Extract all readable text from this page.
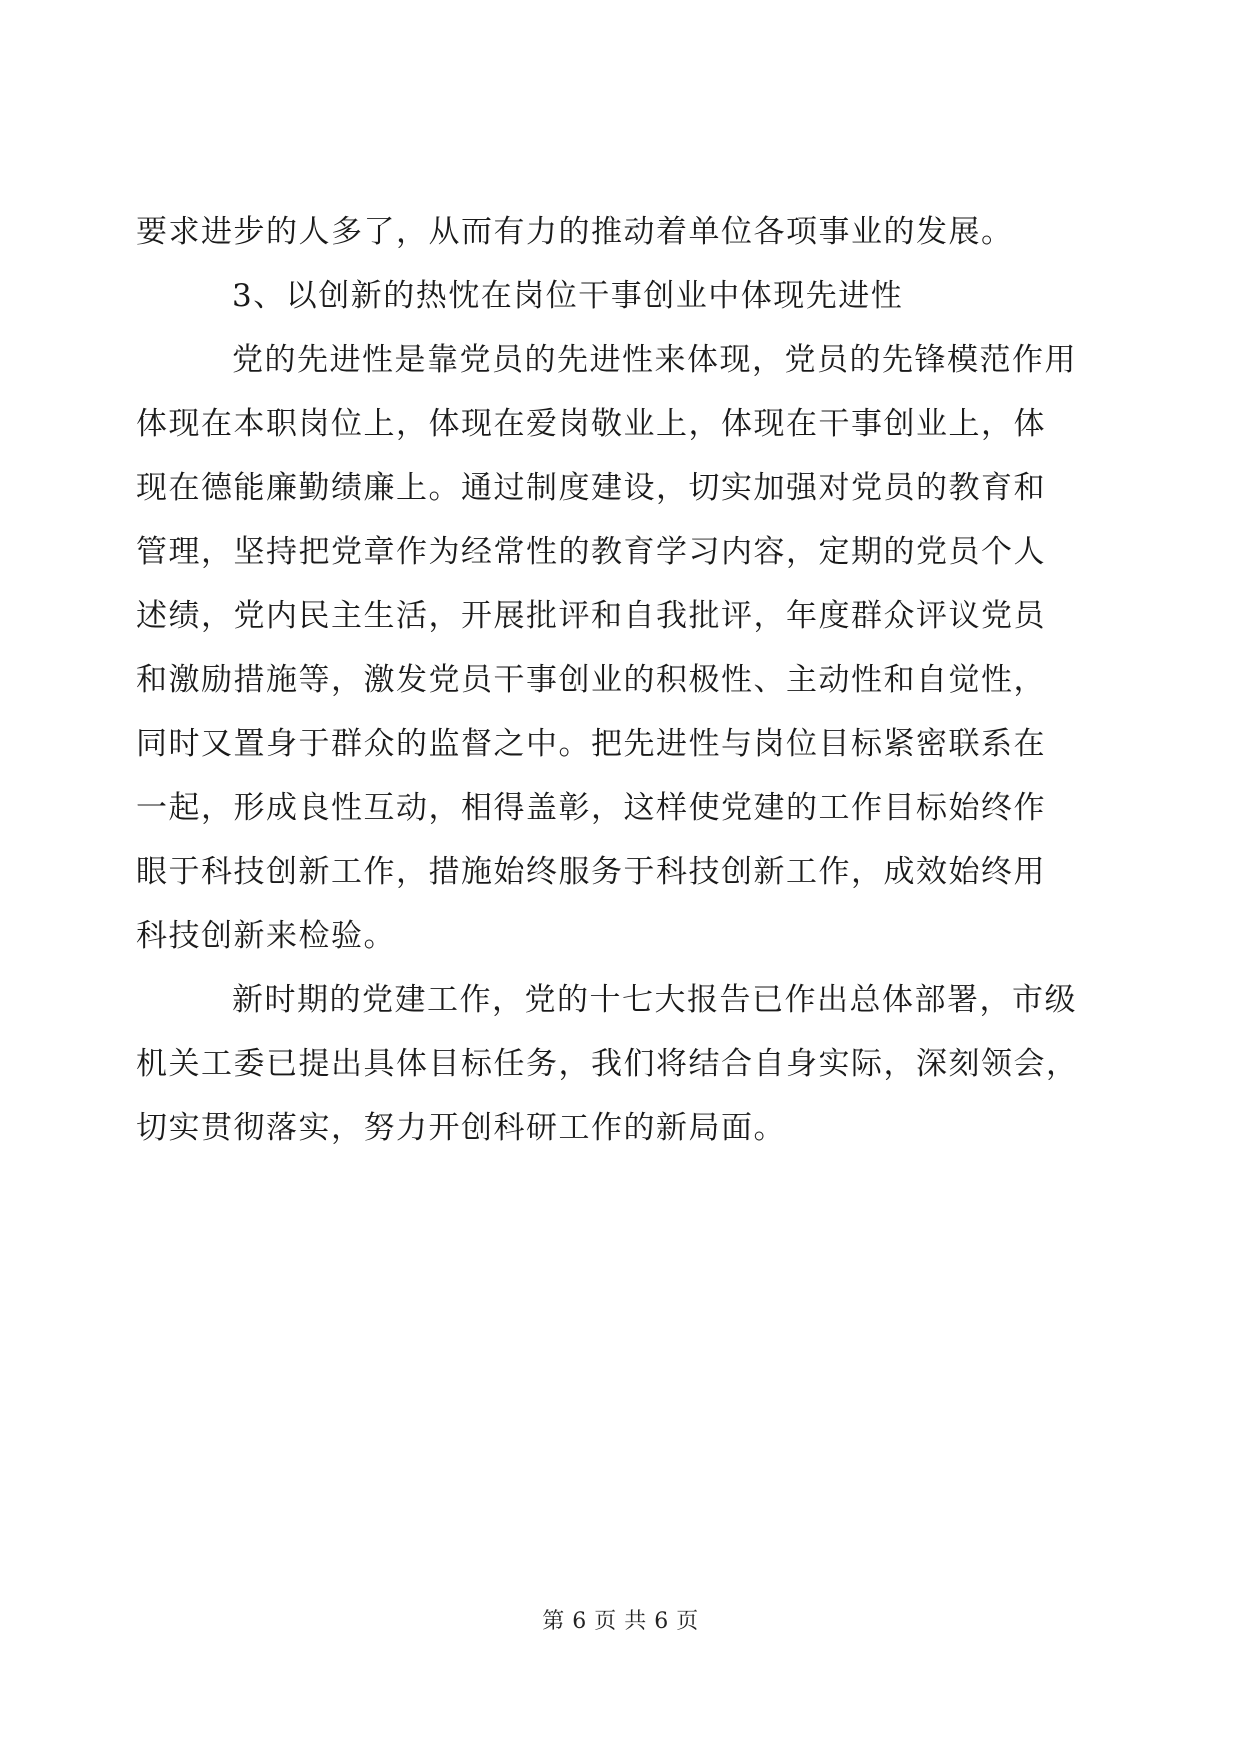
要求进步的人多了，从而有力的推动着单位各项事业的发展。
3、以创新的热忱在岗位干事创业中体现先进性
党的先进性是靠党员的先进性来体现，党员的先锋模范作用
体现在本职岗位上，体现在爱岗敬业上，体现在干事创业上，体
现在德能廉勤绩廉上。通过制度建设，切实加强对党员的教育和
管理，坚持把党章作为经常性的教育学习内容，定期的党员个人
述绩，党内民主生活，开展批评和自我批评，年度群众评议党员
和激励措施等，激发党员干事创业的积极性、主动性和自觉性，
同时又置身于群众的监督之中。把先进性与岗位目标紧密联系在
一起，形成良性互动，相得盖彰，这样使党建的工作目标始终作
眼于科技创新工作，措施始终服务于科技创新工作，成效始终用
科技创新来检验。
新时期的党建工作，党的十七大报告已作出总体部署，市级
机关工委已提出具体目标任务，我们将结合自身实际，深刻领会，
切实贯彻落实，努力开创科研工作的新局面。
第 6 页 共 6 页
